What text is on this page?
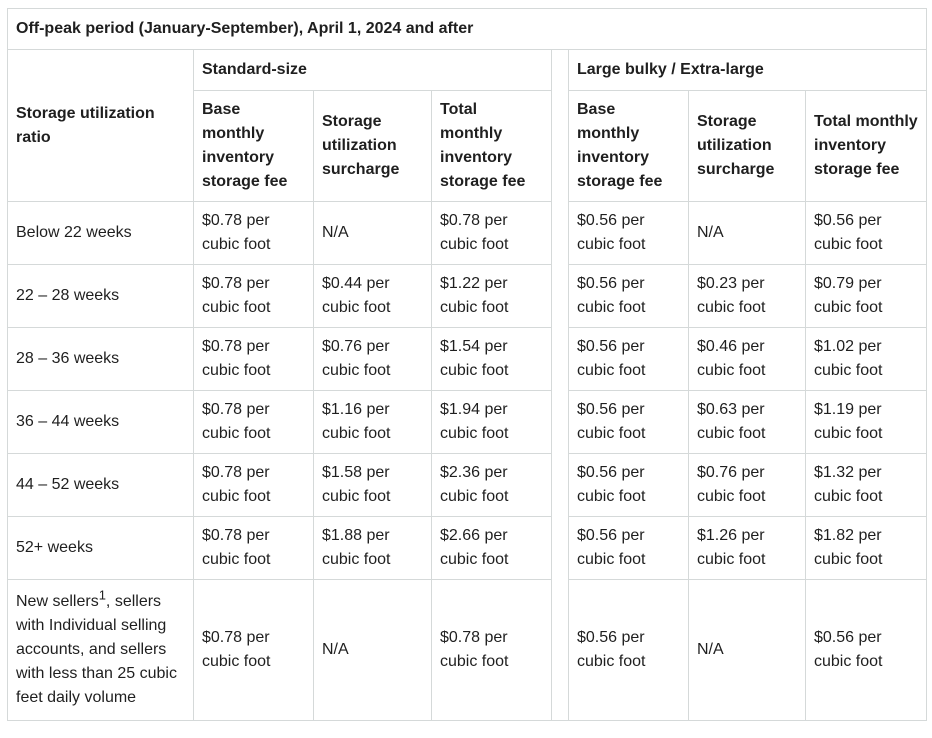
Off-peak period (January-September), April 1, 2024 and after							
Storage utilization ratio	Standard-size				Large bulky / Extra-large		
	Base monthly inventory storage fee	Storage utilization surcharge	Total monthly inventory storage fee		Base monthly inventory storage fee	Storage utilization surcharge	Total monthly inventory storage fee
Below 22 weeks	$0.78 per cubic foot	N/A	$0.78 per cubic foot		$0.56 per cubic foot	N/A	$0.56 per cubic foot
22 – 28 weeks	$0.78 per cubic foot	$0.44 per cubic foot	$1.22 per cubic foot		$0.56 per cubic foot	$0.23 per cubic foot	$0.79 per cubic foot
28 – 36 weeks	$0.78 per cubic foot	$0.76 per cubic foot	$1.54 per cubic foot		$0.56 per cubic foot	$0.46 per cubic foot	$1.02 per cubic foot
36 – 44 weeks	$0.78 per cubic foot	$1.16 per cubic foot	$1.94 per cubic foot		$0.56 per cubic foot	$0.63 per cubic foot	$1.19 per cubic foot
44 – 52 weeks	$0.78 per cubic foot	$1.58 per cubic foot	$2.36 per cubic foot		$0.56 per cubic foot	$0.76 per cubic foot	$1.32 per cubic foot
52+ weeks	$0.78 per cubic foot	$1.88 per cubic foot	$2.66 per cubic foot		$0.56 per cubic foot	$1.26 per cubic foot	$1.82 per cubic foot
New sellers$^1$, sellers with Individual selling accounts, and sellers with less than 25 cubic feet daily volume	$0.78 per cubic foot	N/A	$0.78 per cubic foot		$0.56 per cubic foot	N/A	$0.56 per cubic foot
